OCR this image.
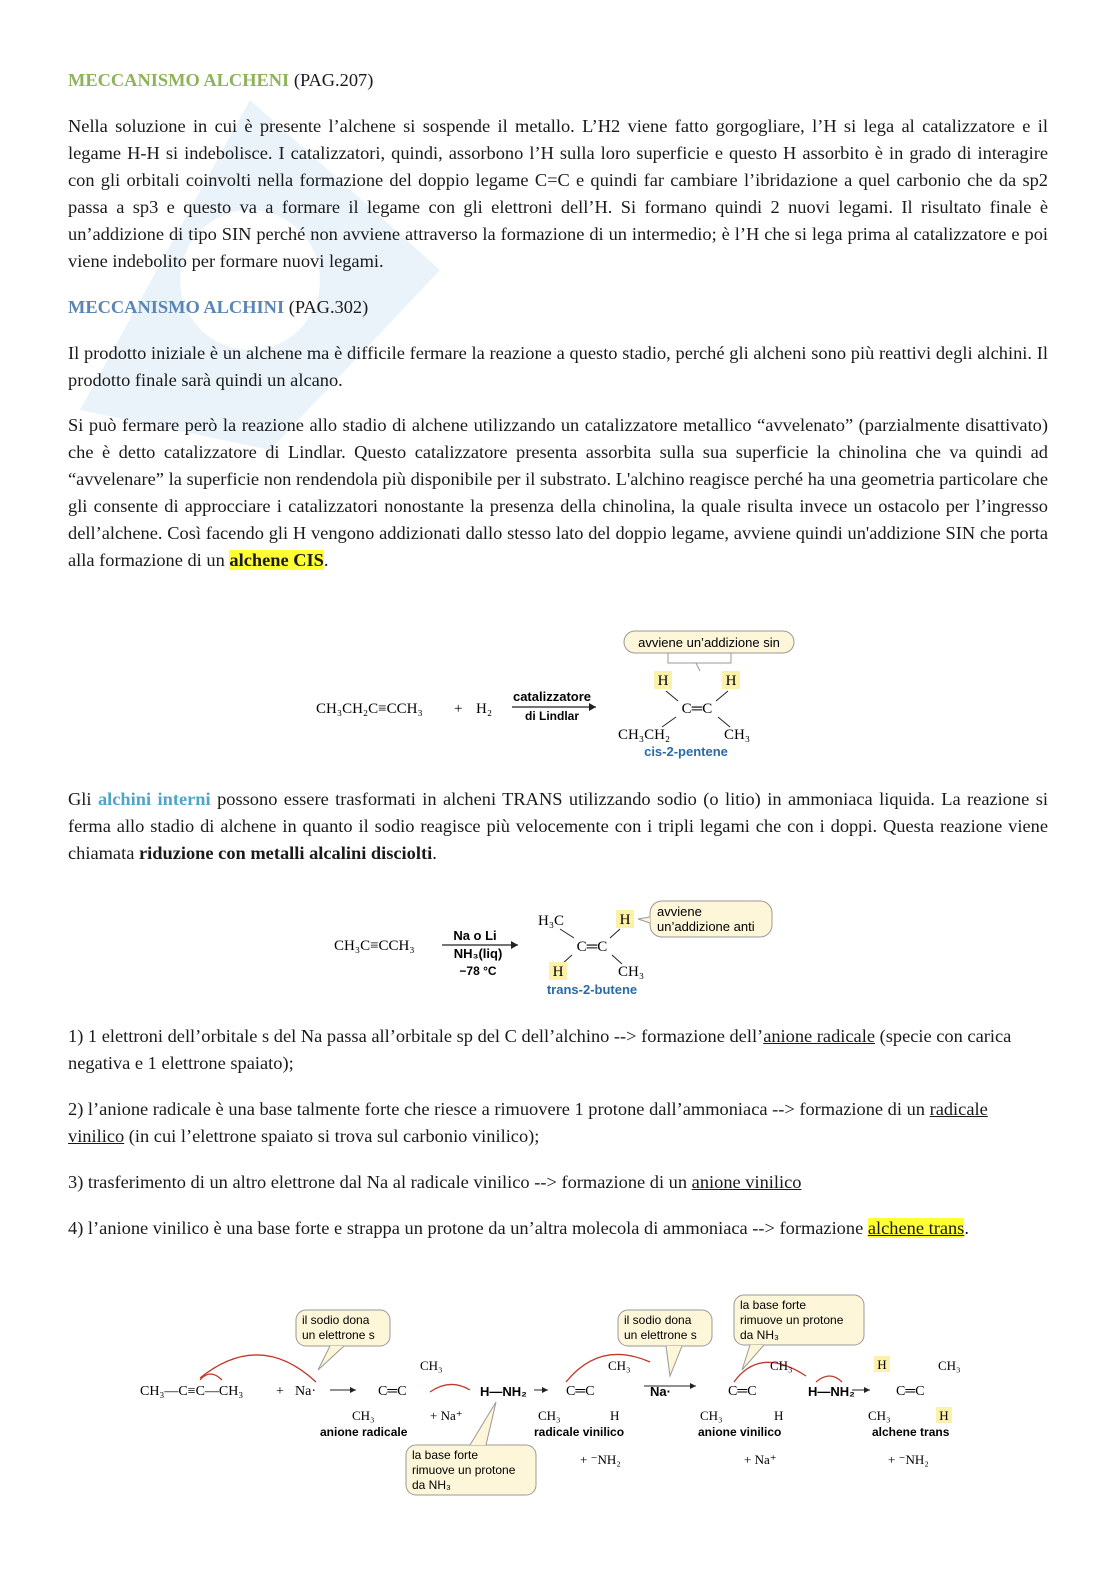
MECCANISMO ALCHENI (PAG.207)
Nella soluzione in cui è presente l’alchene si sospende il metallo. L’H2 viene fatto gorgogliare, l’H si lega al catalizzatore e il legame H-H si indebolisce. I catalizzatori, quindi, assorbono l’H sulla loro superficie e questo H assorbito è in grado di interagire con gli orbitali coinvolti nella formazione del doppio legame C=C e quindi far cambiare l’ibridazione a quel carbonio che da sp2 passa a sp3 e questo va a formare il legame con gli elettroni dell’H. Si formano quindi 2 nuovi legami. Il risultato finale è un’addizione di tipo SIN perché non avviene attraverso la formazione di un intermedio; è l’H che si lega prima al catalizzatore e poi viene indebolito per formare nuovi legami.
MECCANISMO ALCHINI (PAG.302)
Il prodotto iniziale è un alchene ma è difficile fermare la reazione a questo stadio, perché gli alcheni sono più reattivi degli alchini. Il prodotto finale sarà quindi un alcano.
Si può fermare però la reazione allo stadio di alchene utilizzando un catalizzatore metallico “avvelenato” (parzialmente disattivato) che è detto catalizzatore di Lindlar. Questo catalizzatore presenta assorbita sulla sua superficie la chinolina che va quindi ad “avvelenare” la superficie non rendendola più disponibile per il substrato. L'alchino reagisce perché ha una geometria particolare che gli consente di approcciare i catalizzatori nonostante la presenza della chinolina, la quale risulta invece un ostacolo per l’ingresso dell’alchene. Così facendo gli H vengono addizionati dallo stesso lato del doppio legame, avviene quindi un'addizione SIN che porta alla formazione di un alchene CIS.
CH₃CH₂C≡CCH₃ + H₂
catalizzatore
di Lindlar
avviene un’addizione sin
H	H
C═C
CH₃CH₂	CH₃
cis-2-pentene
Gli alchini interni possono essere trasformati in alcheni TRANS utilizzando sodio (o litio) in ammoniaca liquida. La reazione si ferma allo stadio di alchene in quanto il sodio reagisce più velocemente con i tripli legami che con i doppi. Questa reazione viene chiamata riduzione con metalli alcalini disciolti.
CH₃C≡CCH₃
Na o Li
NH₃(liq)
−78 °C
H₃C	H
C═C
H	CH₃
avviene
un’addizione anti
trans-2-butene
1) 1 elettroni dell’orbitale s del Na passa all’orbitale sp del C dell’alchino --> formazione dell’anione radicale (specie con carica negativa e 1 elettrone spaiato);
2) l’anione radicale è una base talmente forte che riesce a rimuovere 1 protone dall’ammoniaca --> formazione di un radicale vinilico (in cui l’elettrone spaiato si trova sul carbonio vinilico);
3) trasferimento di un altro elettrone dal Na al radicale vinilico --> formazione di un anione vinilico
4) l’anione vinilico è una base forte e strappa un protone da un’altra molecola di ammoniaca --> formazione alchene trans.
CH₃—C≡C—CH₃ + Na·
il sodio dona
un elettrone s
CH₃
C═C
CH₃	+ Na⁺
anione radicale
H—NH₂
la base forte
rimuove un protone
da NH₃
CH₃
C═C
CH₃	H
radicale vinilico
+ ⁻NH₂
il sodio dona
un elettrone s
Na·
la base forte
rimuove un protone
da NH₃
CH₃
C═C
CH₃	H
anione vinilico
+ Na⁺
H—NH₂
H	CH₃
C═C
CH₃	H
alchene trans
+ ⁻NH₂
